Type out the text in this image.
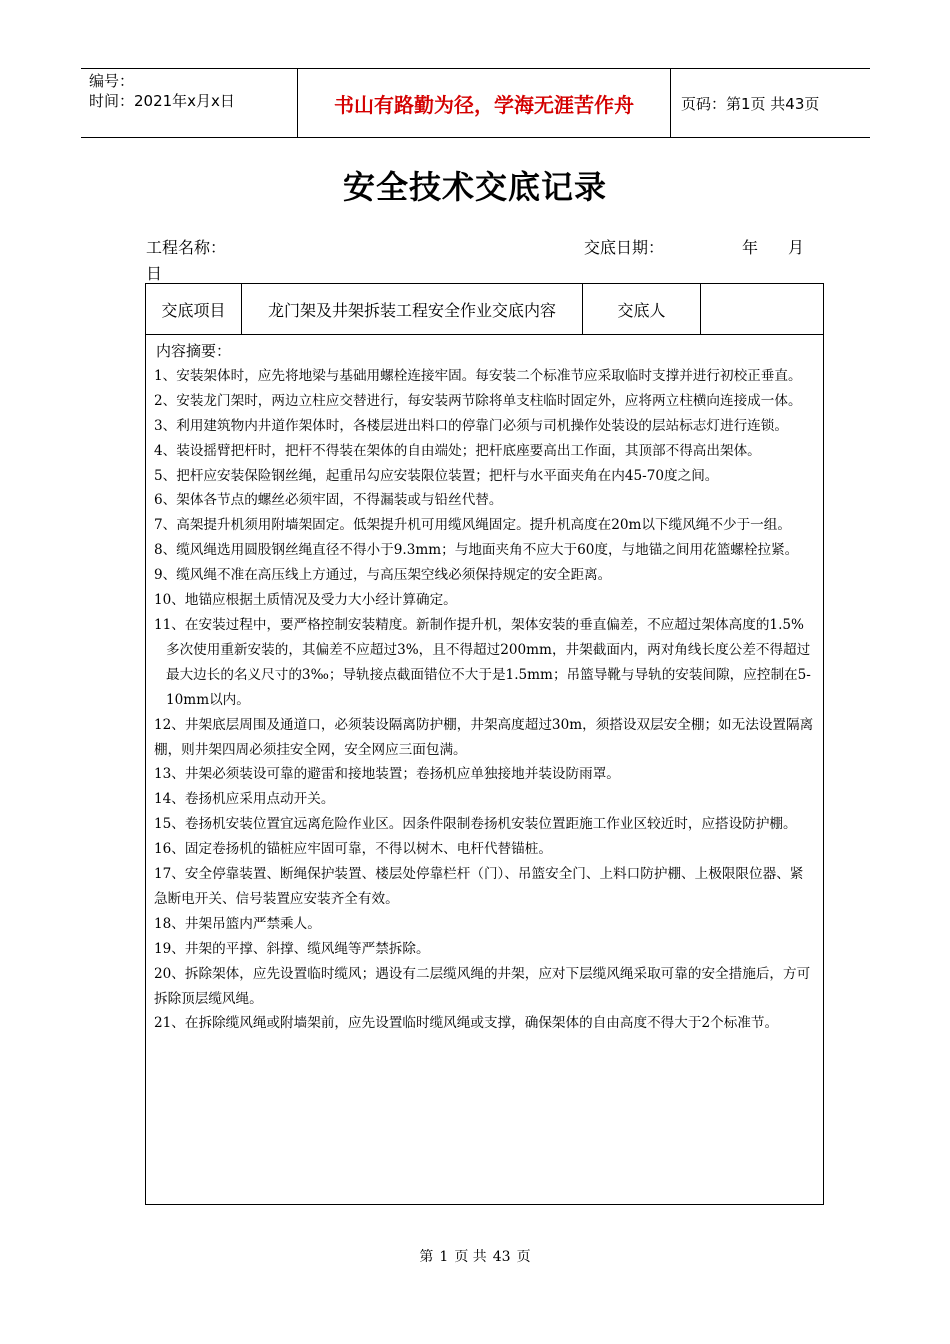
编号：
时间：2021年x月x日	书山有路勤为径，学海无涯苦作舟	页码：第1页 共43页
安全技术交底记录
工程名称：	交底日期：	年 月
日
交底项目	龙门架及井架拆装工程安全作业交底内容	交底人
内容摘要：
1、安装架体时，应先将地梁与基础用螺栓连接牢固。每安装二个标准节应采取临时支撑并进行初校正垂直。
2、安装龙门架时，两边立柱应交替进行，每安装两节除将单支柱临时固定外，应将两立柱横向连接成一体。
3、利用建筑物内井道作架体时，各楼层进出料口的停靠门必须与司机操作处装设的层站标志灯进行连锁。
4、装设摇臂把杆时，把杆不得装在架体的自由端处；把杆底座要高出工作面，其顶部不得高出架体。
5、把杆应安装保险钢丝绳，起重吊勾应安装限位装置；把杆与水平面夹角在内45-70度之间。
6、架体各节点的螺丝必须牢固，不得漏装或与铅丝代替。
7、高架提升机须用附墙架固定。低架提升机可用缆风绳固定。提升机高度在20m以下缆风绳不少于一组。
8、缆风绳选用圆股钢丝绳直径不得小于9.3mm；与地面夹角不应大于60度，与地锚之间用花篮螺栓拉紧。
9、缆风绳不准在高压线上方通过，与高压架空线必须保持规定的安全距离。
10、地锚应根据土质情况及受力大小经计算确定。
11、在安装过程中，要严格控制安装精度。新制作提升机，架体安装的垂直偏差，不应超过架体高度的1.5%
多次使用重新安装的，其偏差不应超过3%，且不得超过200mm，井架截面内，两对角线长度公差不得超过最大边长的名义尺寸的3‰；导轨接点截面错位不大于是1.5mm；吊篮导靴与导轨的安装间隙，应控制在5-10mm以内。
12、井架底层周围及通道口，必须装设隔离防护棚，井架高度超过30m，须搭设双层安全棚；如无法设置隔离棚，则井架四周必须挂安全网，安全网应三面包满。
13、井架必须装设可靠的避雷和接地装置；卷扬机应单独接地并装设防雨罩。
14、卷扬机应采用点动开关。
15、卷扬机安装位置宜远离危险作业区。因条件限制卷扬机安装位置距施工作业区较近时，应搭设防护棚。
16、固定卷扬机的锚桩应牢固可靠，不得以树木、电杆代替锚桩。
17、安全停靠装置、断绳保护装置、楼层处停靠栏杆（门）、吊篮安全门、上料口防护棚、上极限限位器、紧急断电开关、信号装置应安装齐全有效。
18、井架吊篮内严禁乘人。
19、井架的平撑、斜撑、缆风绳等严禁拆除。
20、拆除架体，应先设置临时缆风；遇设有二层缆风绳的井架，应对下层缆风绳采取可靠的安全措施后，方可拆除顶层缆风绳。
21、在拆除缆风绳或附墙架前，应先设置临时缆风绳或支撑，确保架体的自由高度不得大于2个标准节。
第 1 页 共 43 页
